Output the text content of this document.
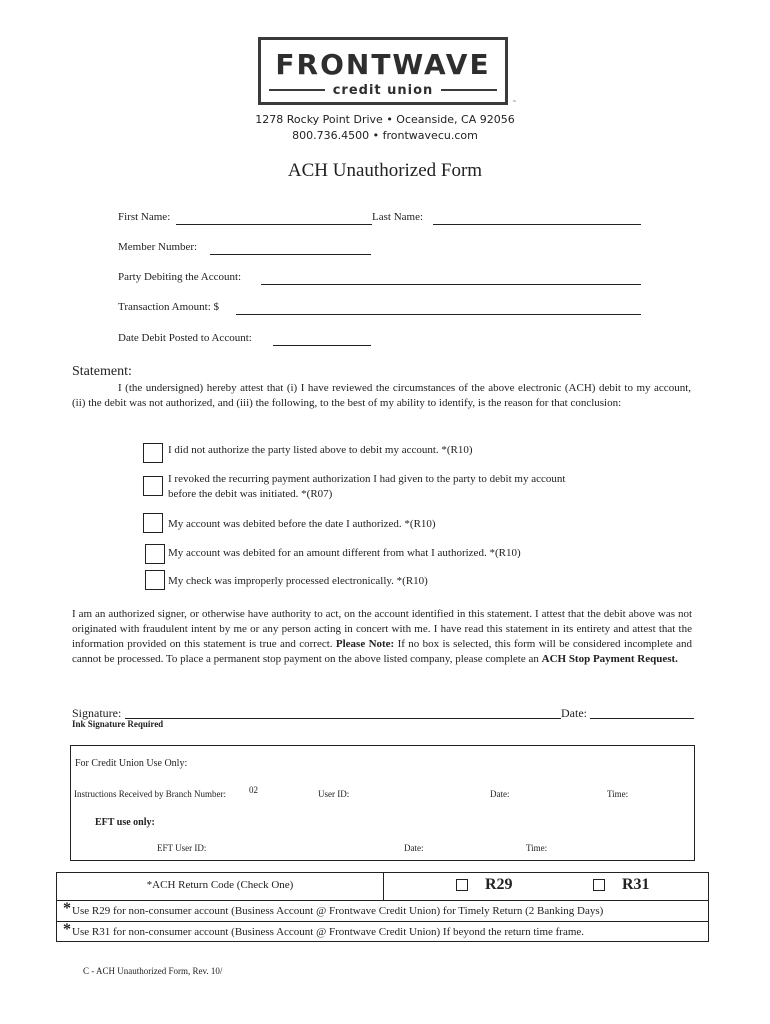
FRONTWAVE
credit union
™
1278 Rocky Point Drive • Oceanside, CA 92056
800.736.4500 • frontwavecu.com
ACH Unauthorized Form
First Name:	Last Name:
Member Number:
Party Debiting the Account:
Transaction Amount: $
Date Debit Posted to Account:
Statement:
I (the undersigned) hereby attest that (i) I have reviewed the circumstances of the above electronic (ACH) debit to my account, (ii) the debit was not authorized, and (iii) the following, to the best of my ability to identify, is the reason for that conclusion:
I did not authorize the party listed above to debit my account. *(R10)
I revoked the recurring payment authorization I had given to the party to debit my account
before the debit was initiated. *(R07)
My account was debited before the date I authorized. *(R10)
My account was debited for an amount different from what I authorized. *(R10)
My check was improperly processed electronically. *(R10)
I am an authorized signer, or otherwise have authority to act, on the account identified in this statement. I attest that the debit above was not originated with fraudulent intent by me or any person acting in concert with me. I have read this statement in its entirety and attest that the information provided on this statement is true and correct. Please Note: If no box is selected, this form will be considered incomplete and cannot be processed. To place a permanent stop payment on the above listed company, please complete an ACH Stop Payment Request.
Signature:	Date:
Ink Signature Required
For Credit Union Use Only:
Instructions Received by Branch Number:	02	User ID:	Date:	Time:
EFT use only:
EFT User ID:	Date:	Time:
*ACH Return Code (Check One)	R29	R31
* Use R29 for non-consumer account (Business Account @ Frontwave Credit Union) for Timely Return (2 Banking Days)
* Use R31 for non-consumer account (Business Account @ Frontwave Credit Union) If beyond the return time frame.
C - ACH Unauthorized Form, Rev. 10/
